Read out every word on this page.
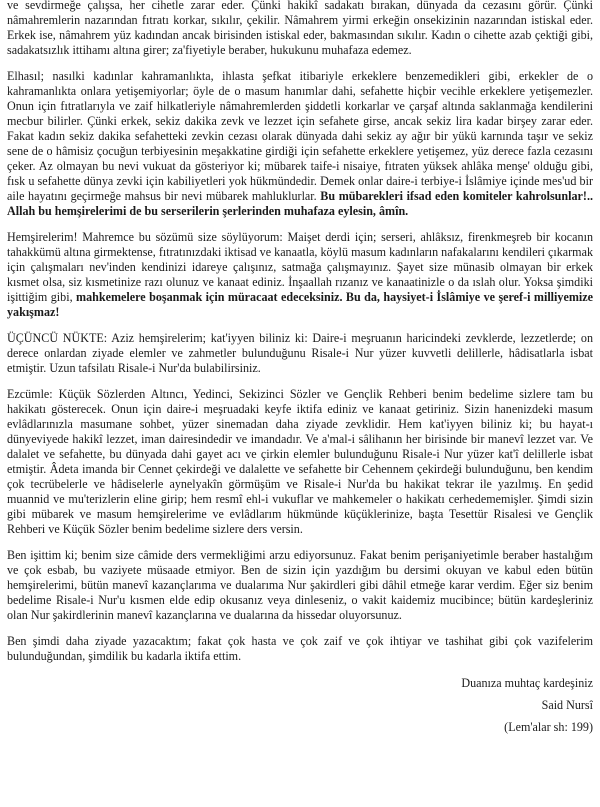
ve sevdirmeğe çalışsa, her cihetle zarar eder. Çünki hakikî sadakatı bırakan, dünyada da cezasını görür. Çünki nâmahremlerin nazarından fıtratı korkar, sıkılır, çekilir. Nâmahrem yirmi erkeğin onsekizinin nazarından istiskal eder. Erkek ise, nâmahrem yüz kadından ancak birisinden istiskal eder, bakmasından sıkılır. Kadın o cihette azab çektiği gibi, sadakatsızlık ittihamı altına girer; za'fiyetiyle beraber, hukukunu muhafaza edemez.

Elhasıl; nasılki kadınlar kahramanlıkta, ihlasta şefkat itibariyle erkeklere benzemedikleri gibi, erkekler de o kahramanlıkta onlara yetişemiyorlar; öyle de o masum hanımlar dahi, sefahette hiçbir vecihle erkeklere yetişemezler. Onun için fıtratlarıyla ve zaif hilkatleriyle nâmahremlerden şiddetli korkarlar ve çarşaf altında saklanmağa kendilerini mecbur bilirler. Çünki erkek, sekiz dakika zevk ve lezzet için sefahete girse, ancak sekiz lira kadar birşey zarar eder. Fakat kadın sekiz dakika sefahetteki zevkin cezası olarak dünyada dahi sekiz ay ağır bir yükü karnında taşır ve sekiz sene de o hâmisiz çocuğun terbiyesinin meşakkatine girdiği için sefahette erkeklere yetişemez, yüz derece fazla cezasını çeker. Az olmayan bu nevi vukuat da gösteriyor ki; mübarek taife-i nisaiye, fıtraten yüksek ahlâka menşe' olduğu gibi, fısk u sefahette dünya zevki için kabiliyetleri yok hükmündedir. Demek onlar daire-i terbiye-i İslâmiye içinde mes'ud bir aile hayatını geçirmeğe mahsus bir nevi mübarek mahluklurlar. Bu mübarekleri ifsad eden komiteler kahrolsunlar!.. Allah bu hemşirelerimi de bu serserilerin şerlerinden muhafaza eylesin, âmîn.

Hemşirelerim! Mahremce bu sözümü size söylüyorum: Maişet derdi için; serseri, ahlâksız, firenkmeşreb bir kocanın tahakkümü altına girmektense, fıtratınızdaki iktisad ve kanaatla, köylü masum kadınların nafakalarını kendileri çıkarmak için çalışmaları nev'inden kendinizi idareye çalışınız, satmağa çalışmayınız. Şayet size münasib olmayan bir erkek kısmet olsa, siz kısmetinize razı olunuz ve kanaat ediniz. İnşaallah rızanız ve kanaatinizle o da ıslah olur. Yoksa şimdiki işittiğim gibi, mahkemelere boşanmak için müracaat edeceksiniz. Bu da, haysiyet-i İslâmiye ve şeref-i milliyemize yakışmaz!

ÜÇÜNCÜ NÜKTE: Aziz hemşirelerim; kat'iyyen biliniz ki: Daire-i meşruanın haricindeki zevklerde, lezzetlerde; on derece onlardan ziyade elemler ve zahmetler bulunduğunu Risale-i Nur yüzer kuvvetli delillerle, hâdisatlarla isbat etmiştir. Uzun tafsilatı Risale-i Nur'da bulabilirsiniz.

Ezcümle: Küçük Sözlerden Altıncı, Yedinci, Sekizinci Sözler ve Gençlik Rehberi benim bedelime sizlere tam bu hakikatı gösterecek. Onun için daire-i meşruadaki keyfe iktifa ediniz ve kanaat getiriniz. Sizin hanenizdeki masum evlâdlarınızla masumane sohbet, yüzer sinemadan daha ziyade zevklidir. Hem kat'iyyen biliniz ki; bu hayat-ı dünyeviyede hakikî lezzet, iman dairesindedir ve imandadır. Ve a'mal-i sâlihanın her birisinde bir manevî lezzet var. Ve dalalet ve sefahette, bu dünyada dahi gayet acı ve çirkin elemler bulunduğunu Risale-i Nur yüzer kat'î delillerle isbat etmiştir. Âdeta imanda bir Cennet çekirdeği ve dalalette ve sefahette bir Cehennem çekirdeği bulunduğunu, ben kendim çok tecrübelerle ve hâdiselerle aynelyakîn görmüşüm ve Risale-i Nur'da bu hakikat tekrar ile yazılmış. En şedid muannid ve mu'terizlerin eline girip; hem resmî ehl-i vukuflar ve mahkemeler o hakikatı cerhedememişler. Şimdi sizin gibi mübarek ve masum hemşirelerime ve evlâdlarım hükmünde küçüklerinize, başta Tesettür Risalesi ve Gençlik Rehberi ve Küçük Sözler benim bedelime sizlere ders versin.

Ben işittim ki; benim size câmide ders vermekliğimi arzu ediyorsunuz. Fakat benim perişaniyetimle beraber hastalığım ve çok esbab, bu vaziyete müsaade etmiyor. Ben de sizin için yazdığım bu dersimi okuyan ve kabul eden bütün hemşirelerimi, bütün manevî kazançlarıma ve dualarıma Nur şakirdleri gibi dâhil etmeğe karar verdim. Eğer siz benim bedelime Risale-i Nur'u kısmen elde edip okusanız veya dinleseniz, o vakit kaidemiz mucibince; bütün kardeşleriniz olan Nur şakirdlerinin manevî kazançlarına ve dualarına da hissedar oluyorsunuz.

Ben şimdi daha ziyade yazacaktım; fakat çok hasta ve çok zaif ve çok ihtiyar ve tashihat gibi çok vazifelerim bulunduğundan, şimdilik bu kadarla iktifa ettim.

Duanıza muhtaç kardeşiniz

Said Nursî

(Lem'alar sh: 199)
